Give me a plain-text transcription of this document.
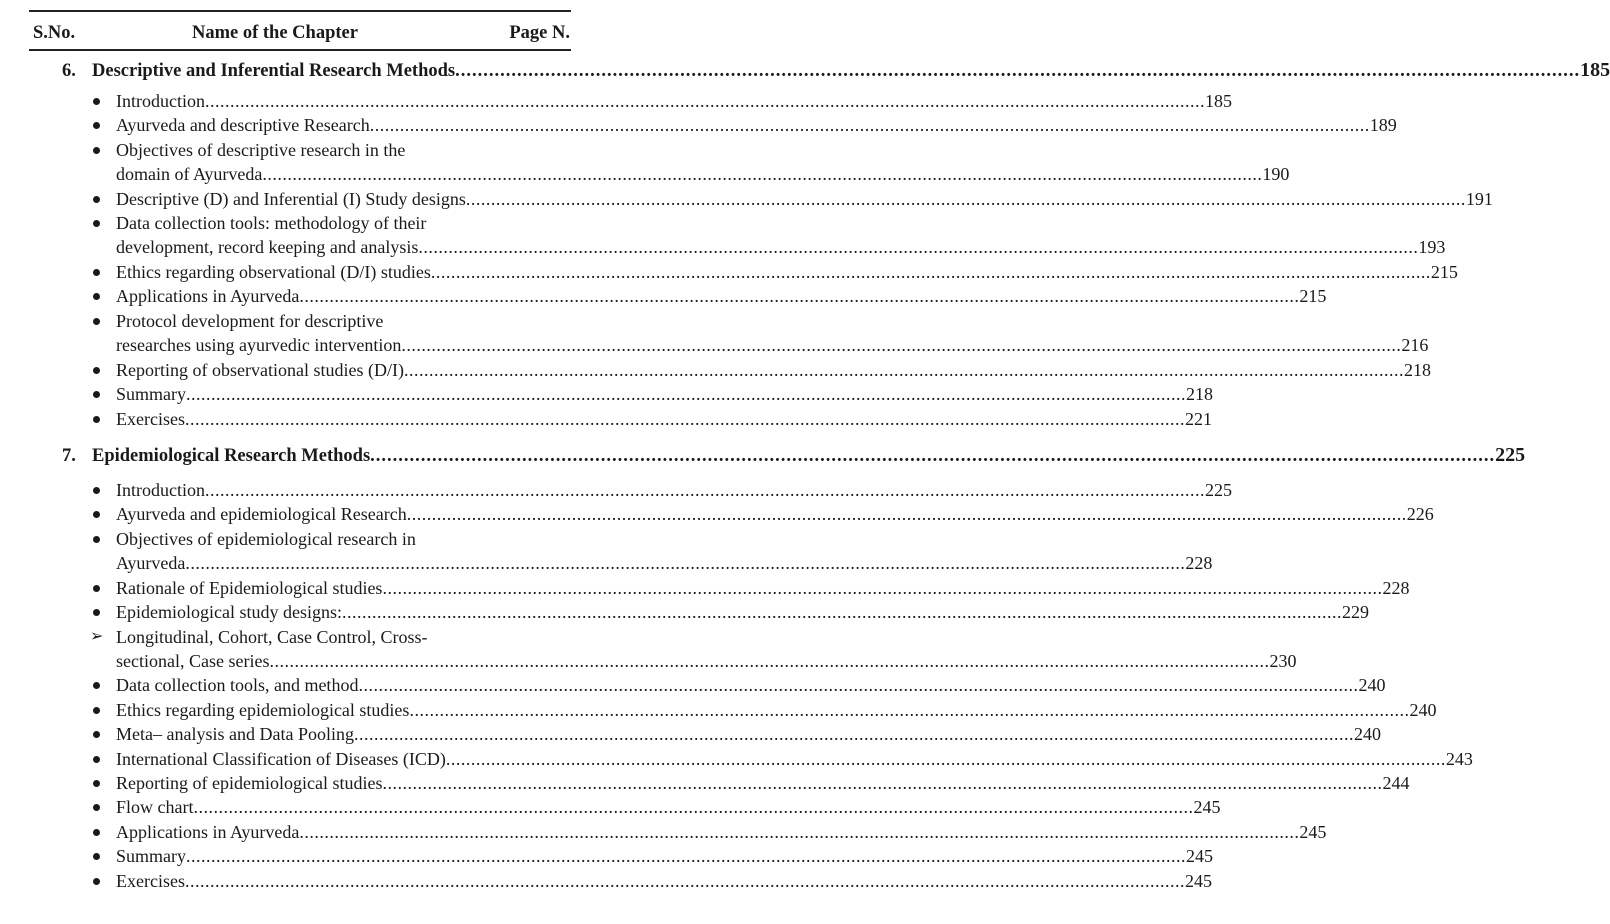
S.No.	Name of the Chapter	Page N.
6. Descriptive and Inferential Research Methods ........................................................................................................................................................................................................ 185
Introduction ........................................................................................................................................................................................................ 185
Ayurveda and descriptive Research ........................................................................................................................................................................................................ 189
Objectives of descriptive research in the
domain of Ayurveda ........................................................................................................................................................................................................ 190
Descriptive (D) and Inferential (I) Study designs ........................................................................................................................................................................................................ 191
Data collection tools: methodology of their
development, record keeping and analysis ........................................................................................................................................................................................................ 193
Ethics regarding observational (D/I) studies ........................................................................................................................................................................................................ 215
Applications in Ayurveda ........................................................................................................................................................................................................ 215
Protocol development for descriptive
researches using ayurvedic intervention ........................................................................................................................................................................................................ 216
Reporting of observational studies (D/I) ........................................................................................................................................................................................................ 218
Summary ........................................................................................................................................................................................................ 218
Exercises ........................................................................................................................................................................................................ 221
7. Epidemiological Research Methods ........................................................................................................................................................................................................ 225
Introduction ........................................................................................................................................................................................................ 225
Ayurveda and epidemiological Research ........................................................................................................................................................................................................ 226
Objectives of epidemiological research in
Ayurveda ........................................................................................................................................................................................................ 228
Rationale of Epidemiological studies ........................................................................................................................................................................................................ 228
Epidemiological study designs: ........................................................................................................................................................................................................ 229
➢ Longitudinal, Cohort, Case Control, Cross-
sectional, Case series ........................................................................................................................................................................................................ 230
Data collection tools, and method ........................................................................................................................................................................................................ 240
Ethics regarding epidemiological studies ........................................................................................................................................................................................................ 240
Meta– analysis and Data Pooling ........................................................................................................................................................................................................ 240
International Classification of Diseases (ICD) ........................................................................................................................................................................................................ 243
Reporting of epidemiological studies ........................................................................................................................................................................................................ 244
Flow chart ........................................................................................................................................................................................................ 245
Applications in Ayurveda ........................................................................................................................................................................................................ 245
Summary ........................................................................................................................................................................................................ 245
Exercises ........................................................................................................................................................................................................ 245
